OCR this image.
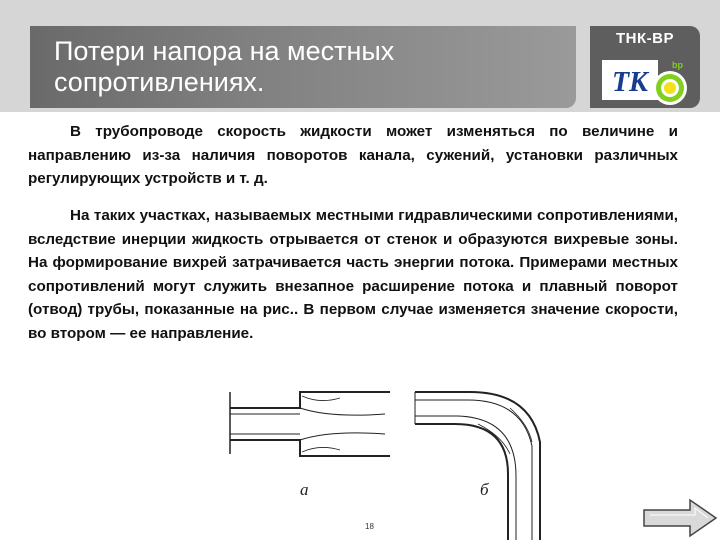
Потери напора на местных
сопротивлениях.
ТНК-ВР
ТК
bp
В трубопроводе скорость жидкости может изменяться по величине и направлению из-за наличия поворотов канала, сужений, установки различных регулирующих устройств и т. д.
На таких участках, называемых местными гидравлическими сопротивлениями, вследствие инерции жидкость отрывается от стенок и образуются вихревые зоны. На формирование вихрей затрачивается часть энергии потока. Примерами местных сопротивлений могут служить внезапное расширение потока и плавный поворот (отвод) трубы, показанные на рис.. В первом случае изменяется значение скорости, во втором — ее направление.
а	б
18
